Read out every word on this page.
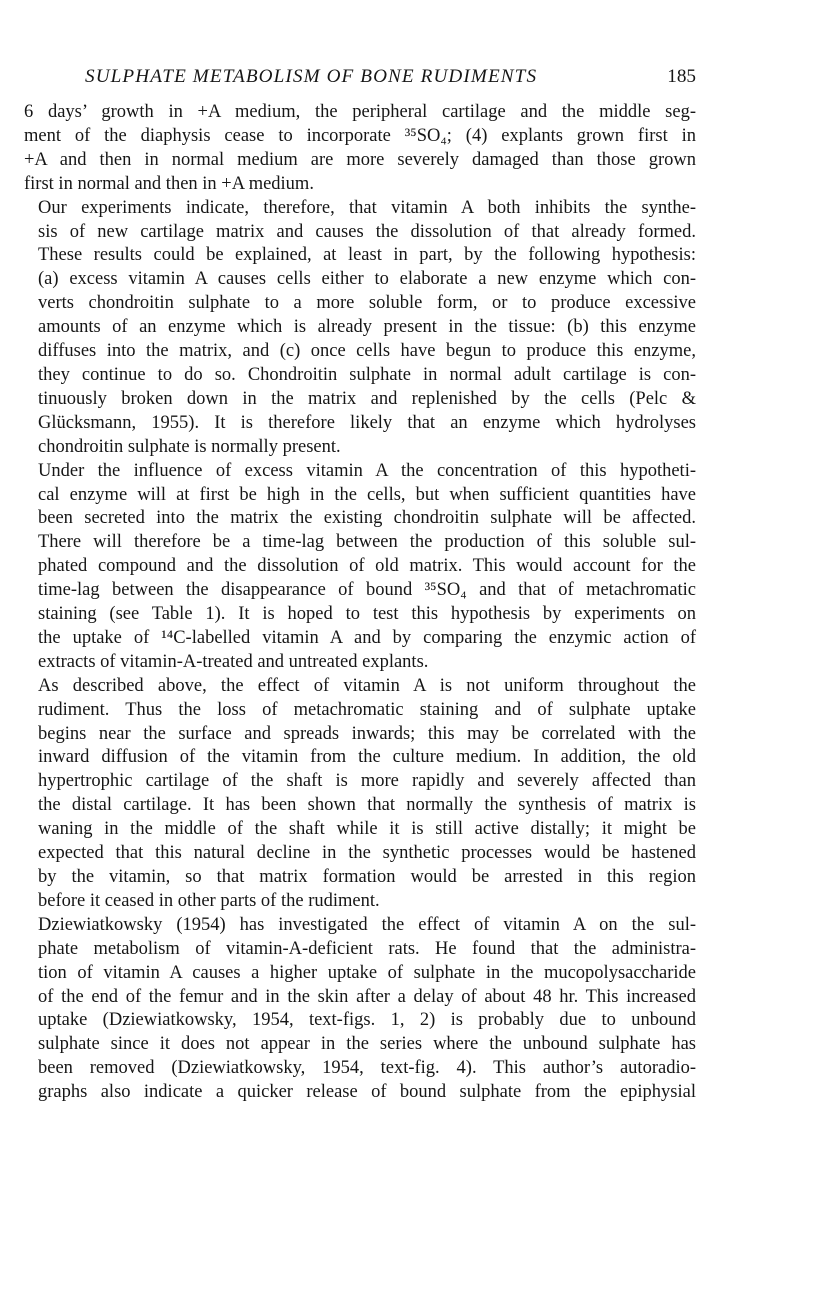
SULPHATE METABOLISM OF BONE RUDIMENTS	185

6 days’ growth in +A medium, the peripheral cartilage and the middle seg-
ment of the diaphysis cease to incorporate ³⁵SO₄; (4) explants grown first in
+A and then in normal medium are more severely damaged than those grown
first in normal and then in +A medium.

Our experiments indicate, therefore, that vitamin A both inhibits the synthe-
sis of new cartilage matrix and causes the dissolution of that already formed.
These results could be explained, at least in part, by the following hypothesis:
(a) excess vitamin A causes cells either to elaborate a new enzyme which con-
verts chondroitin sulphate to a more soluble form, or to produce excessive
amounts of an enzyme which is already present in the tissue: (b) this enzyme
diffuses into the matrix, and (c) once cells have begun to produce this enzyme,
they continue to do so. Chondroitin sulphate in normal adult cartilage is con-
tinuously broken down in the matrix and replenished by the cells (Pelc &
Glücksmann, 1955). It is therefore likely that an enzyme which hydrolyses
chondroitin sulphate is normally present.

Under the influence of excess vitamin A the concentration of this hypotheti-
cal enzyme will at first be high in the cells, but when sufficient quantities have
been secreted into the matrix the existing chondroitin sulphate will be affected.
There will therefore be a time-lag between the production of this soluble sul-
phated compound and the dissolution of old matrix. This would account for the
time-lag between the disappearance of bound ³⁵SO₄ and that of metachromatic
staining (see Table 1). It is hoped to test this hypothesis by experiments on
the uptake of ¹⁴C-labelled vitamin A and by comparing the enzymic action of
extracts of vitamin-A-treated and untreated explants.

As described above, the effect of vitamin A is not uniform throughout the
rudiment. Thus the loss of metachromatic staining and of sulphate uptake
begins near the surface and spreads inwards; this may be correlated with the
inward diffusion of the vitamin from the culture medium. In addition, the old
hypertrophic cartilage of the shaft is more rapidly and severely affected than
the distal cartilage. It has been shown that normally the synthesis of matrix is
waning in the middle of the shaft while it is still active distally; it might be
expected that this natural decline in the synthetic processes would be hastened
by the vitamin, so that matrix formation would be arrested in this region
before it ceased in other parts of the rudiment.

Dziewiatkowsky (1954) has investigated the effect of vitamin A on the sul-
phate metabolism of vitamin-A-deficient rats. He found that the administra-
tion of vitamin A causes a higher uptake of sulphate in the mucopolysaccharide
of the end of the femur and in the skin after a delay of about 48 hr. This increased
uptake (Dziewiatkowsky, 1954, text-figs. 1, 2) is probably due to unbound
sulphate since it does not appear in the series where the unbound sulphate has
been removed (Dziewiatkowsky, 1954, text-fig. 4). This author’s autoradio-
graphs also indicate a quicker release of bound sulphate from the epiphysial
